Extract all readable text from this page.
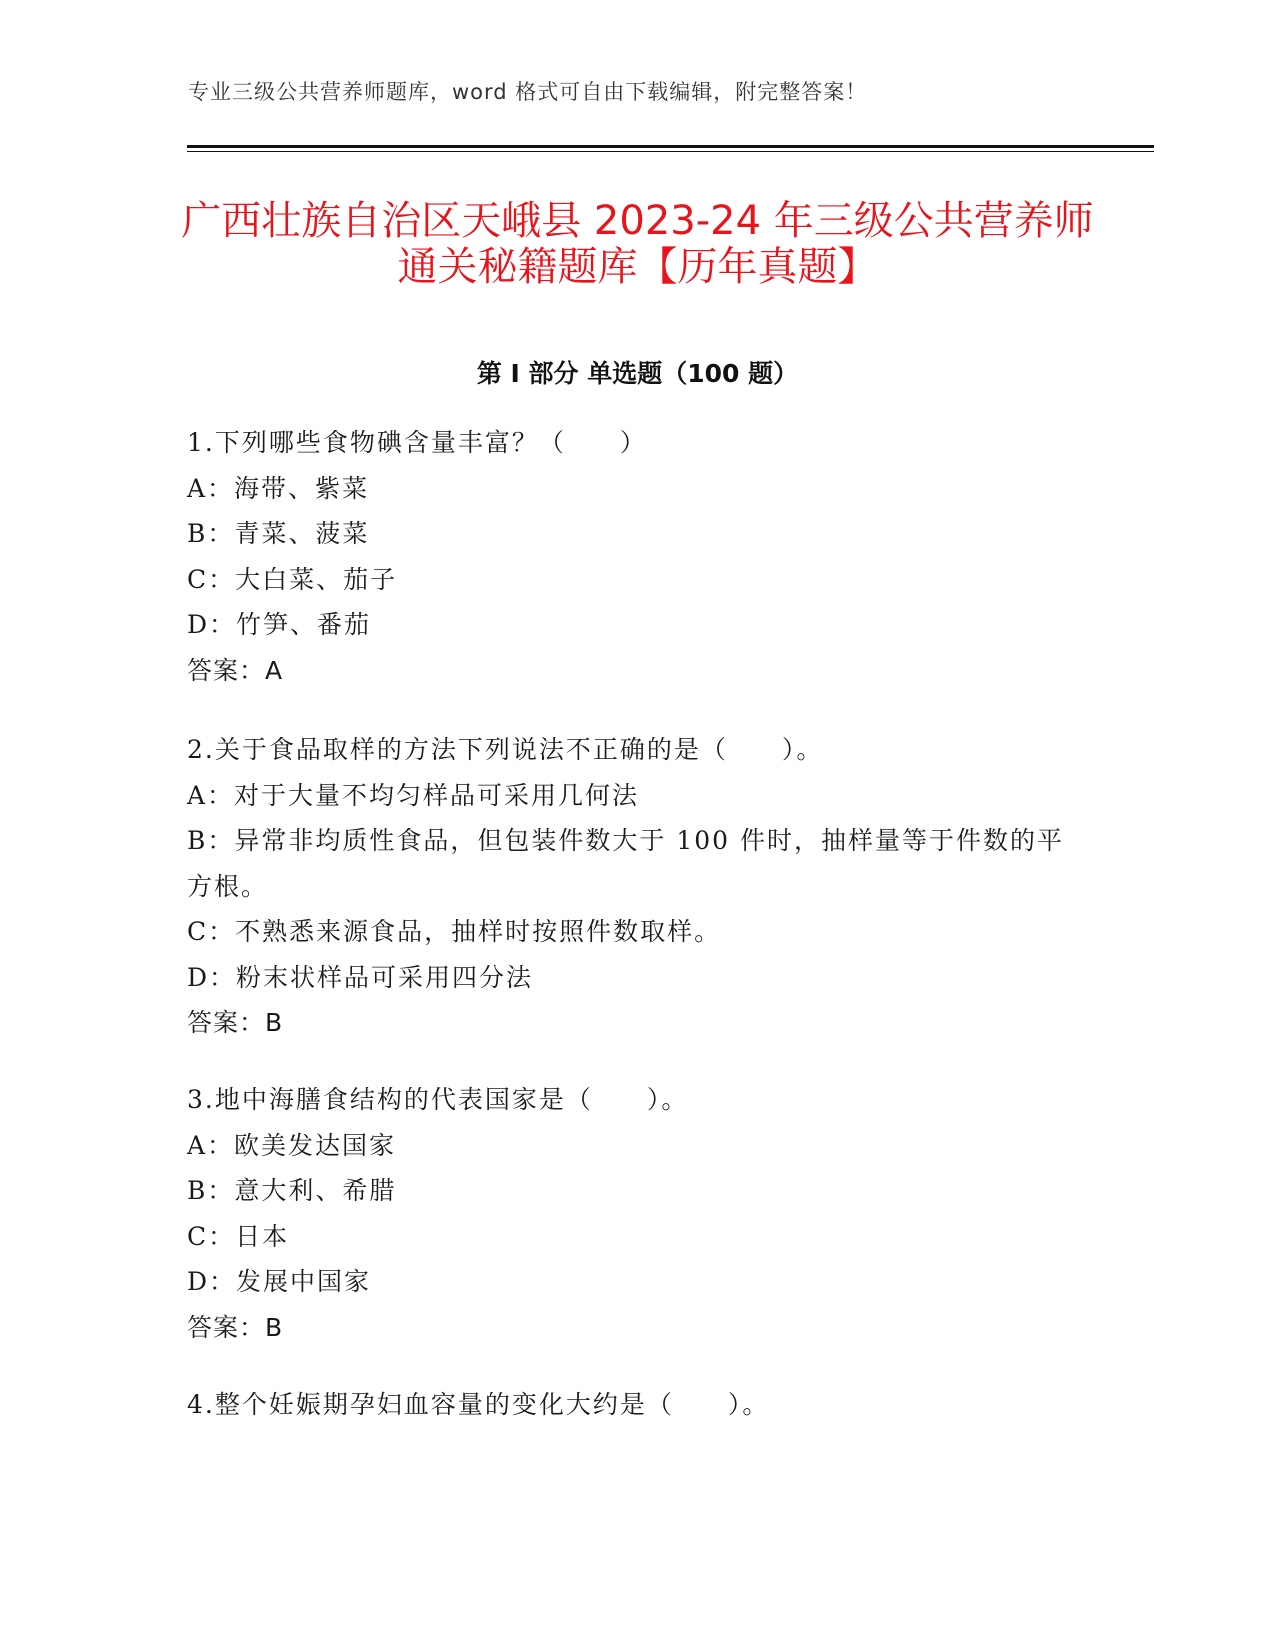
专业三级公共营养师题库，word 格式可自由下载编辑，附完整答案！
广西壮族自治区天峨县 2023-24 年三级公共营养师通关秘籍题库【历年真题】
第 I 部分 单选题（100 题）
1.下列哪些食物碘含量丰富？（　　）
A：海带、紫菜
B：青菜、菠菜
C：大白菜、茄子
D：竹笋、番茄
答案：A
2.关于食品取样的方法下列说法不正确的是（　　）。
A：对于大量不均匀样品可采用几何法
B：异常非均质性食品，但包装件数大于 100 件时，抽样量等于件数的平方根。
C：不熟悉来源食品，抽样时按照件数取样。
D：粉末状样品可采用四分法
答案：B
3.地中海膳食结构的代表国家是（　　）。
A：欧美发达国家
B：意大利、希腊
C：日本
D：发展中国家
答案：B
4.整个妊娠期孕妇血容量的变化大约是（　　）。
